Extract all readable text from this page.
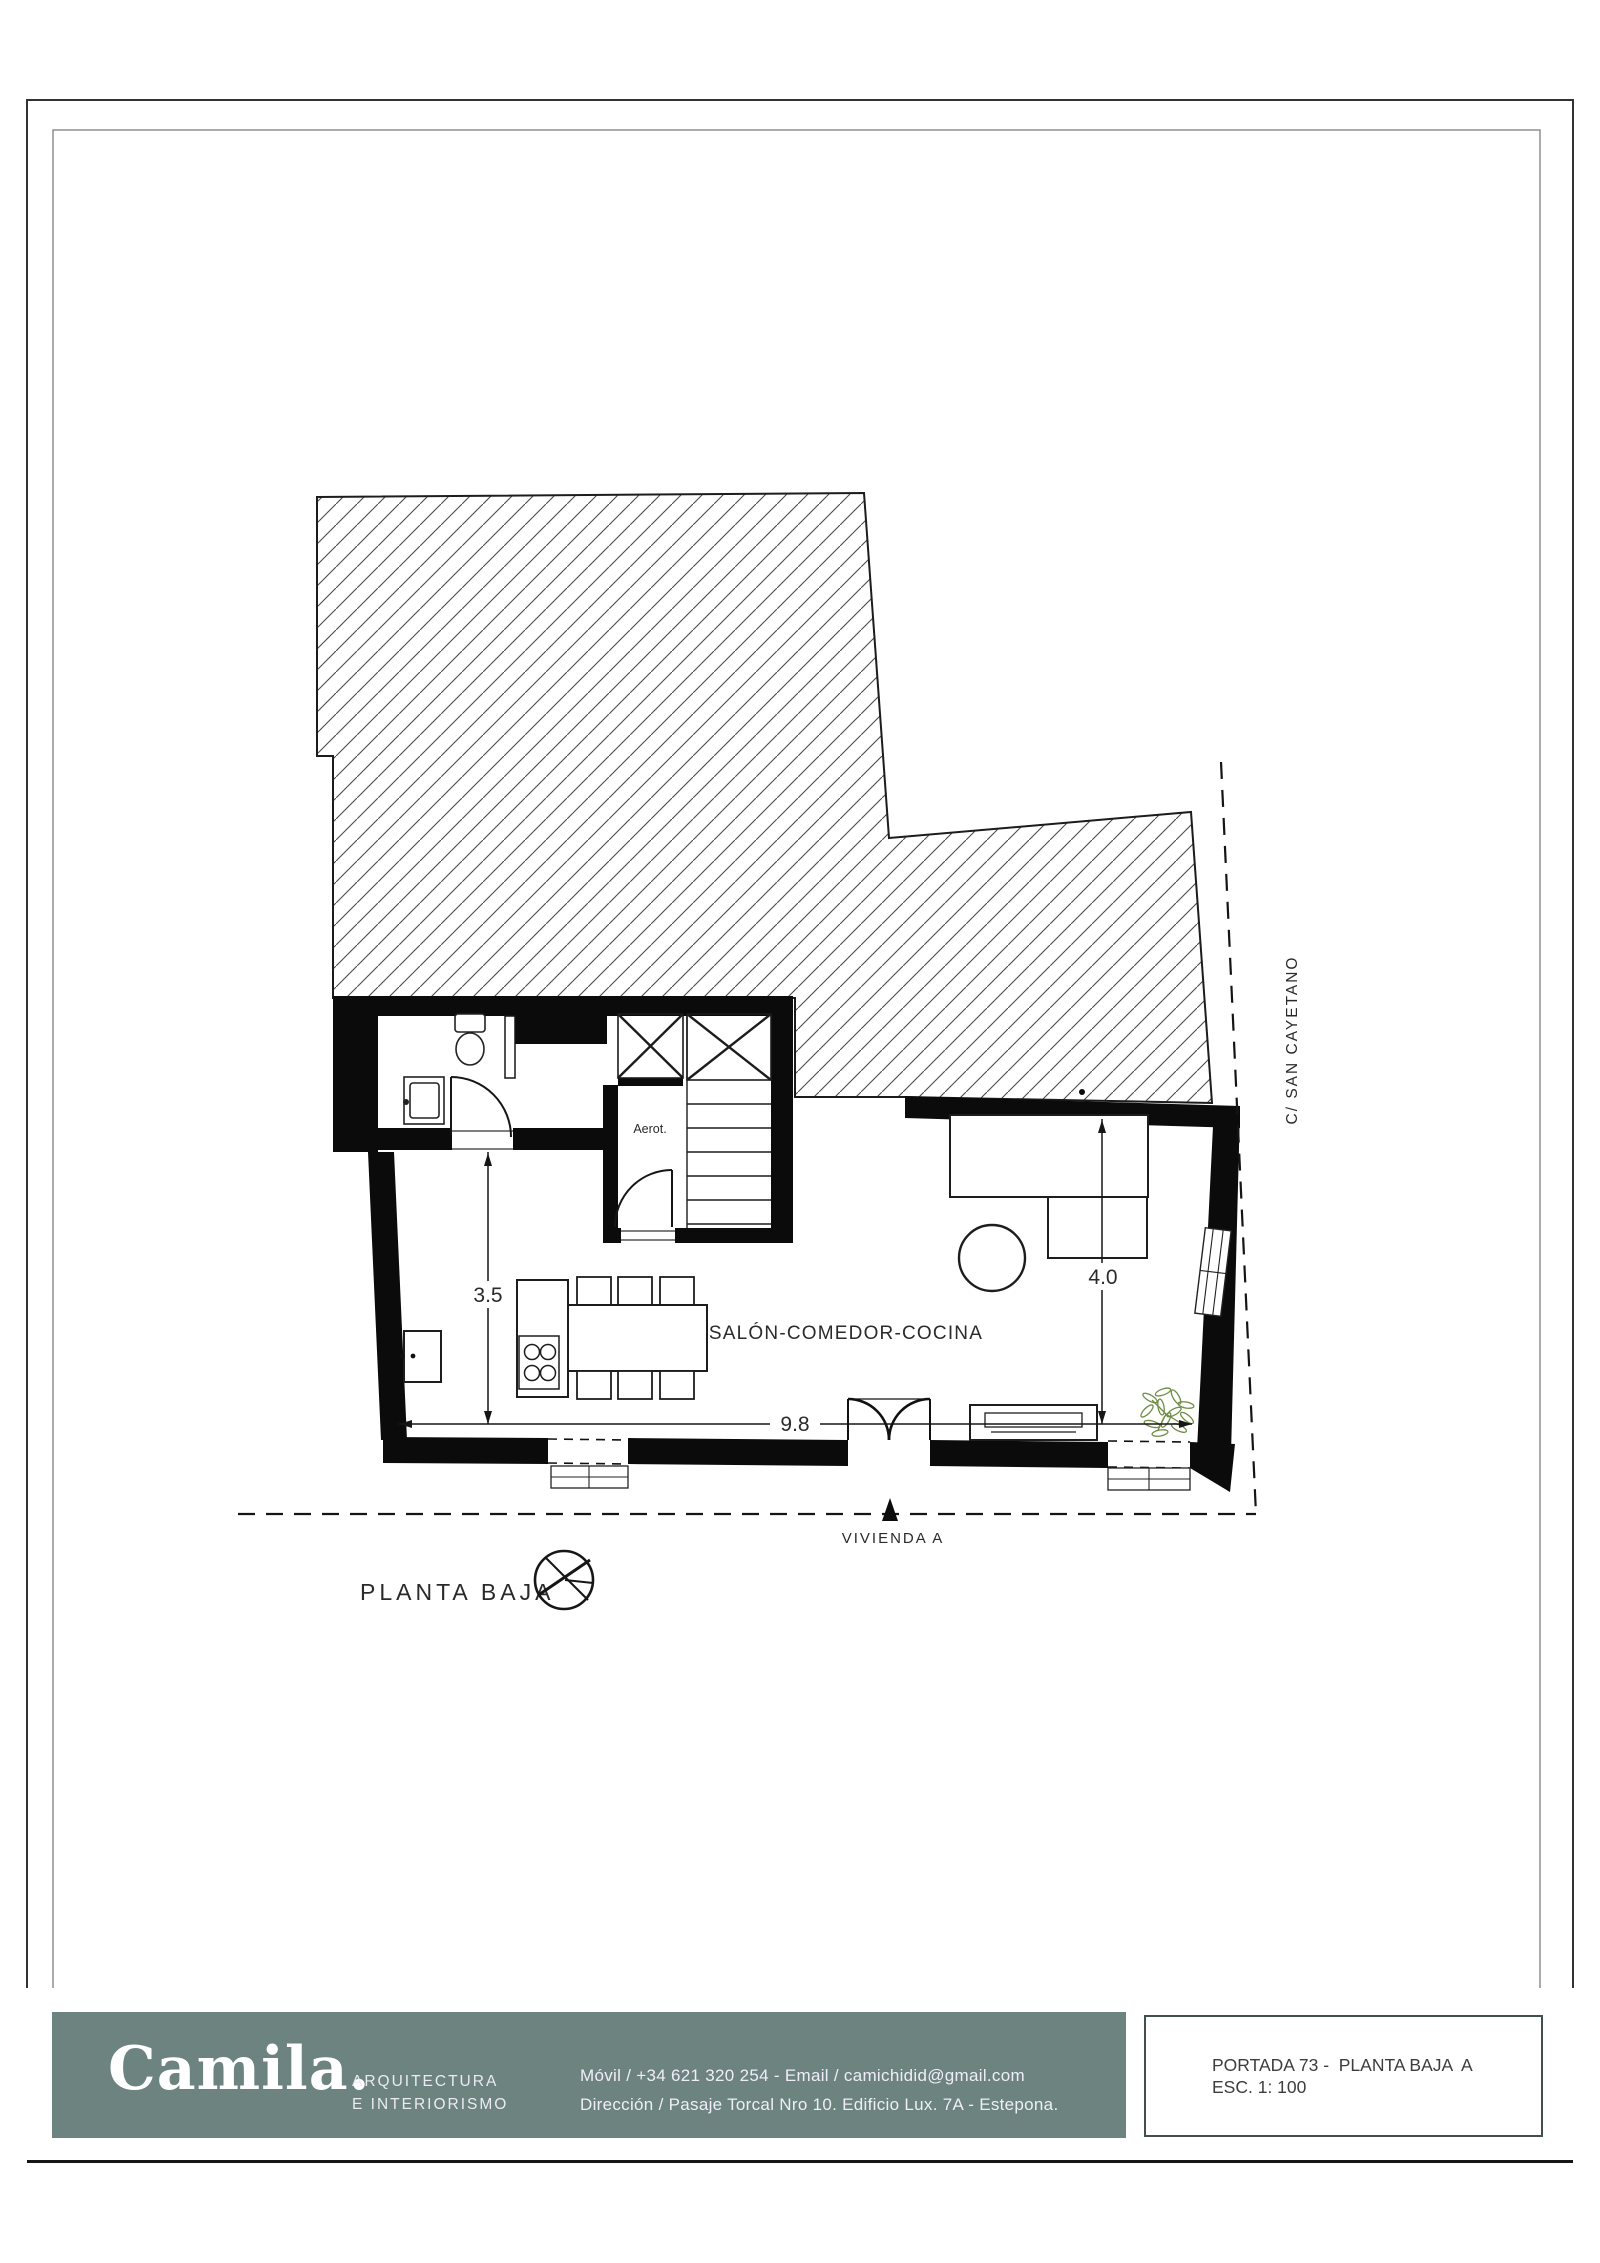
3.5
9.8
4.0
SALÓN-COMEDOR-COCINA
Aerot.
C/ SAN CAYETANO
VIVIENDA A
PLANTA BAJA
Camila.
ARQUITECTURA
E INTERIORISMO
Móvil / +34 621 320 254 - Email / camichidid@gmail.com
Dirección / Pasaje Torcal Nro 10. Edificio Lux. 7A - Estepona.
PORTADA 73 -  PLANTA BAJA  A
ESC. 1: 100
